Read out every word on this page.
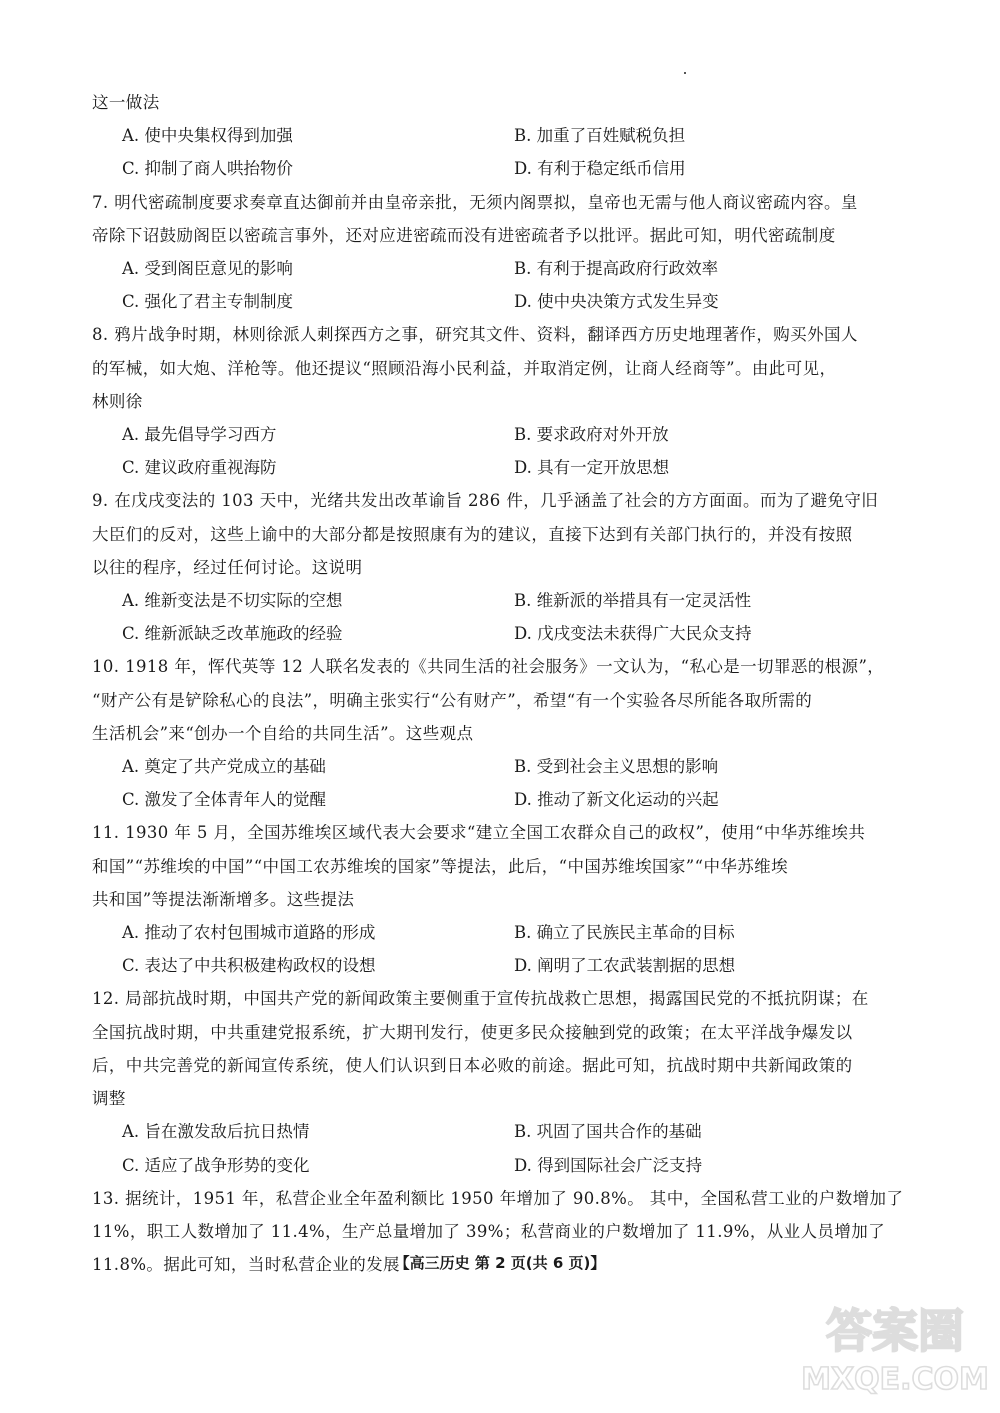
这一做法
A. 使中央集权得到加强	B. 加重了百姓赋税负担
C. 抑制了商人哄抬物价	D. 有利于稳定纸币信用
7. 明代密疏制度要求奏章直达御前并由皇帝亲批，无须内阁票拟，皇帝也无需与他人商议密疏内容。皇
帝除下诏鼓励阁臣以密疏言事外，还对应进密疏而没有进密疏者予以批评。据此可知，明代密疏制度
A. 受到阁臣意见的影响	B. 有利于提高政府行政效率
C. 强化了君主专制制度	D. 使中央决策方式发生异变
8. 鸦片战争时期，林则徐派人刺探西方之事，研究其文件、资料，翻译西方历史地理著作，购买外国人
的军械，如大炮、洋枪等。他还提议“照顾沿海小民利益，并取消定例，让商人经商等”。由此可见，
林则徐
A. 最先倡导学习西方	B. 要求政府对外开放
C. 建议政府重视海防	D. 具有一定开放思想
9. 在戊戌变法的 103 天中，光绪共发出改革谕旨 286 件，几乎涵盖了社会的方方面面。而为了避免守旧
大臣们的反对，这些上谕中的大部分都是按照康有为的建议，直接下达到有关部门执行的，并没有按照
以往的程序，经过任何讨论。这说明
A. 维新变法是不切实际的空想	B. 维新派的举措具有一定灵活性
C. 维新派缺乏改革施政的经验	D. 戊戌变法未获得广大民众支持
10. 1918 年，恽代英等 12 人联名发表的《共同生活的社会服务》一文认为，“私心是一切罪恶的根源”，
“财产公有是铲除私心的良法”，明确主张实行“公有财产”，希望“有一个实验各尽所能各取所需的
生活机会”来“创办一个自给的共同生活”。这些观点
A. 奠定了共产党成立的基础	B. 受到社会主义思想的影响
C. 激发了全体青年人的觉醒	D. 推动了新文化运动的兴起
11. 1930 年 5 月，全国苏维埃区域代表大会要求“建立全国工农群众自己的政权”，使用“中华苏维埃共
和国”“苏维埃的中国”“中国工农苏维埃的国家”等提法，此后，“中国苏维埃国家”“中华苏维埃
共和国”等提法渐渐增多。这些提法
A. 推动了农村包围城市道路的形成	B. 确立了民族民主革命的目标
C. 表达了中共积极建构政权的设想	D. 阐明了工农武装割据的思想
12. 局部抗战时期，中国共产党的新闻政策主要侧重于宣传抗战救亡思想，揭露国民党的不抵抗阴谋；在
全国抗战时期，中共重建党报系统，扩大期刊发行，使更多民众接触到党的政策；在太平洋战争爆发以
后，中共完善党的新闻宣传系统，使人们认识到日本必败的前途。据此可知，抗战时期中共新闻政策的
调整
A. 旨在激发敌后抗日热情	B. 巩固了国共合作的基础
C. 适应了战争形势的变化	D. 得到国际社会广泛支持
13. 据统计，1951 年，私营企业全年盈利额比 1950 年增加了 90.8%。 其中，全国私营工业的户数增加了
11%，职工人数增加了 11.4%，生产总量增加了 39%；私营商业的户数增加了 11.9%，从业人员增加了
11.8%。据此可知，当时私营企业的发展
【高三历史 第 2 页(共 6 页)】
答案圈
MXQE.COM
